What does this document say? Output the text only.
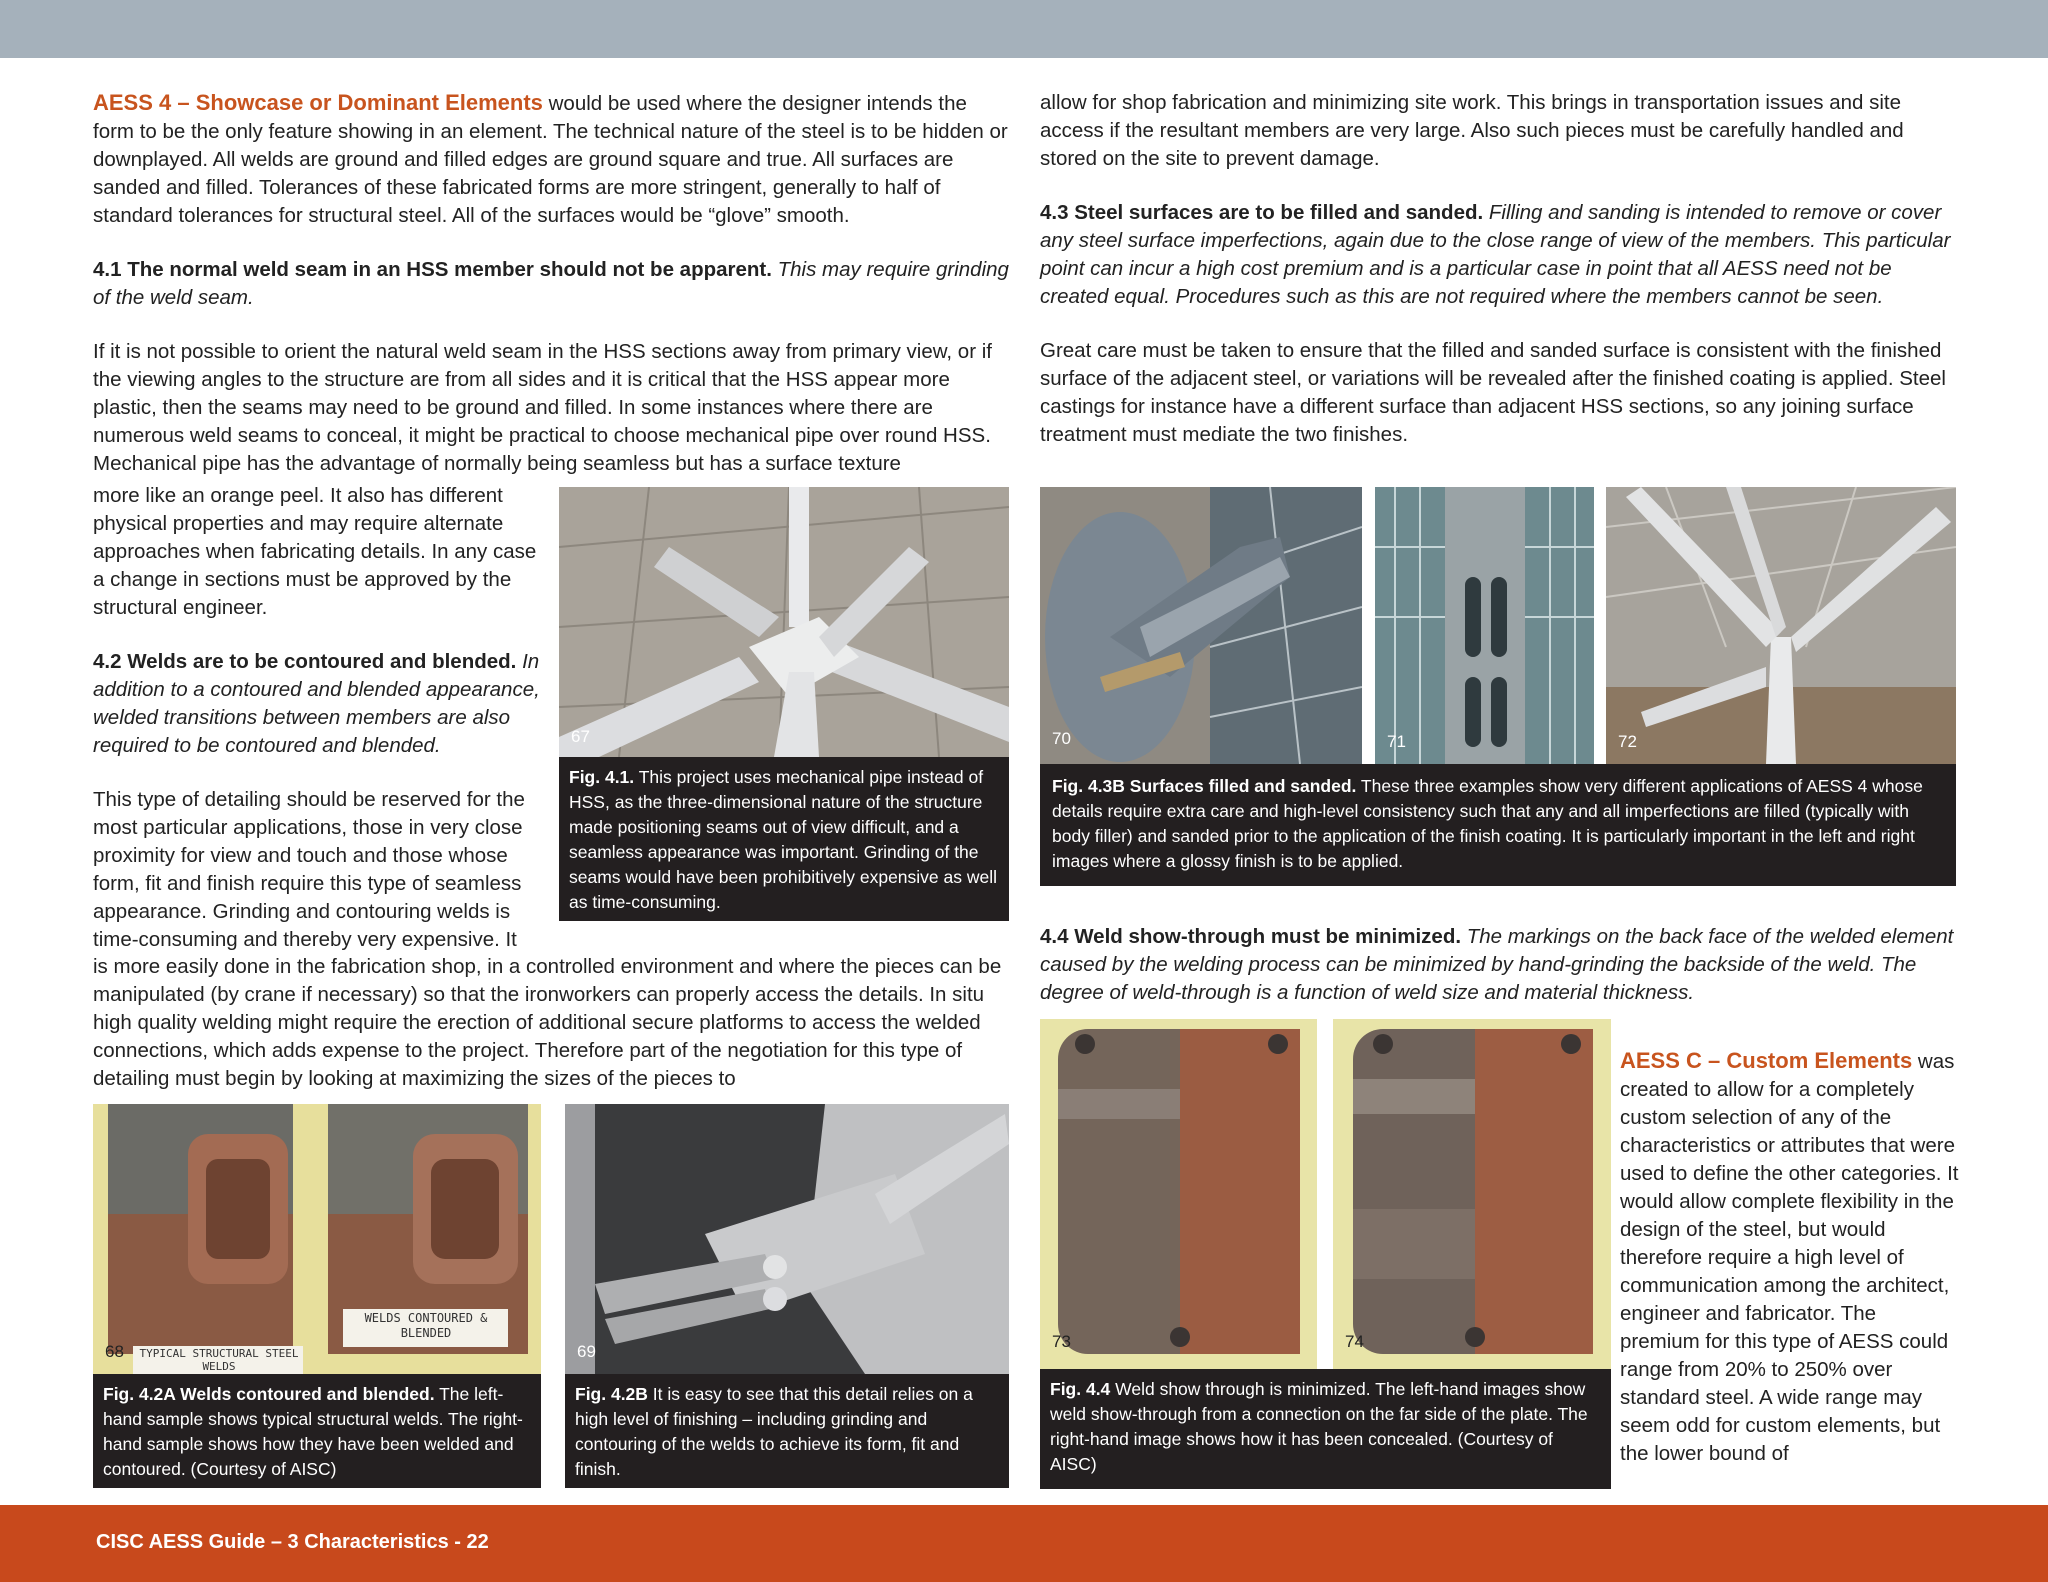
AESS 4 – Showcase or Dominant Elements would be used where the designer intends the form to be the only feature showing in an element. The technical nature of the steel is to be hidden or downplayed. All welds are ground and filled edges are ground square and true. All surfaces are sanded and filled. Tolerances of these fabricated forms are more stringent, generally to half of standard tolerances for structural steel. All of the surfaces would be “glove” smooth.

4.1 The normal weld seam in an HSS member should not be apparent. This may require grinding of the weld seam.

If it is not possible to orient the natural weld seam in the HSS sections away from primary view, or if the viewing angles to the structure are from all sides and it is critical that the HSS appear more plastic, then the seams may need to be ground and filled. In some instances where there are numerous weld seams to conceal, it might be practical to choose mechanical pipe over round HSS. Mechanical pipe has the advantage of normally being seamless but has a surface texture

more like an orange peel. It also has different physical properties and may require alternate approaches when fabricating details. In any case a change in sections must be approved by the structural engineer.

4.2 Welds are to be contoured and blended. In addition to a contoured and blended appearance, welded transitions between members are also required to be contoured and blended.

This type of detailing should be reserved for the most particular applications, those in very close proximity for view and touch and those whose form, fit and finish require this type of seamless appearance. Grinding and contouring welds is time-consuming and thereby very expensive. It

is more easily done in the fabrication shop, in a controlled environment and where the pieces can be manipulated (by crane if necessary) so that the ironworkers can properly access the details. In situ high quality welding might require the erection of additional secure platforms to access the welded connections, which adds expense to the project. Therefore part of the negotiation for this type of detailing must begin by looking at maximizing the sizes of the pieces to

67
Fig. 4.1. This project uses mechanical pipe instead of HSS, as the three-dimensional nature of the structure made positioning seams out of view difficult, and a seamless appearance was important. Grinding of the seams would have been prohibitively expensive as well as time-consuming.
WELDS CONTOURED & BLENDED
TYPICAL STRUCTURAL STEEL WELDS
68
Fig. 4.2A Welds contoured and blended. The left-hand sample shows typical structural welds. The right-hand sample shows how they have been welded and contoured. (Courtesy of AISC)
69
Fig. 4.2B It is easy to see that this detail relies on a high level of finishing – including grinding and contouring of the welds to achieve its form, fit and finish.

allow for shop fabrication and minimizing site work. This brings in transportation issues and site access if the resultant members are very large. Also such pieces must be carefully handled and stored on the site to prevent damage.

4.3 Steel surfaces are to be filled and sanded. Filling and sanding is intended to remove or cover any steel surface imperfections, again due to the close range of view of the members. This particular point can incur a high cost premium and is a particular case in point that all AESS need not be created equal. Procedures such as this are not required where the members cannot be seen.

Great care must be taken to ensure that the filled and sanded surface is consistent with the finished surface of the adjacent steel, or variations will be revealed after the finished coating is applied. Steel castings for instance have a different surface than adjacent HSS sections, so any joining surface treatment must mediate the two finishes.

70	71	72
Fig. 4.3B Surfaces filled and sanded. These three examples show very different applications of AESS 4 whose details require extra care and high-level consistency such that any and all imperfections are filled (typically with body filler) and sanded prior to the application of the finish coating. It is particularly important in the left and right images where a glossy finish is to be applied.

4.4 Weld show-through must be minimized. The markings on the back face of the welded element caused by the welding process can be minimized by hand-grinding the backside of the weld. The degree of weld-through is a function of weld size and material thickness.

73	74
Fig. 4.4 Weld show through is minimized. The left-hand images show weld show-through from a connection on the far side of the plate. The right-hand image shows how it has been concealed. (Courtesy of AISC)

AESS C – Custom Elements was created to allow for a completely custom selection of any of the characteristics or attributes that were used to define the other categories. It would allow complete flexibility in the design of the steel, but would therefore require a high level of communication among the architect, engineer and fabricator. The premium for this type of AESS could range from 20% to 250% over standard steel. A wide range may seem odd for custom elements, but the lower bound of

CISC AESS Guide – 3 Characteristics - 22
